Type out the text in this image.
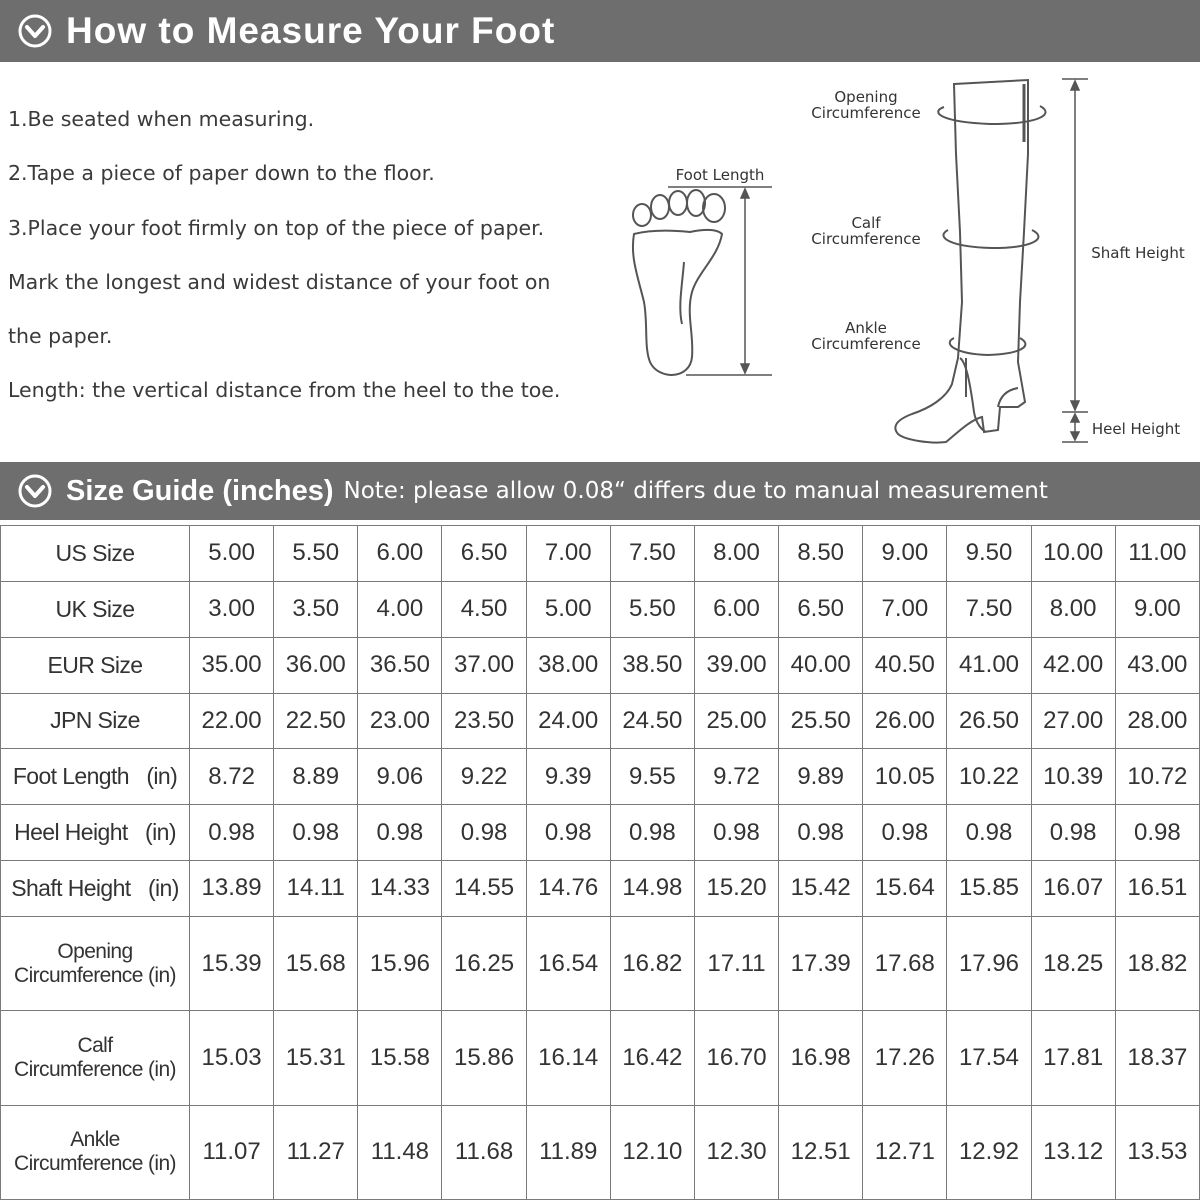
How to Measure Your Foot
1.Be seated when measuring.
2.Tape a piece of paper down to the floor.
3.Place your foot firmly on top of the piece of paper.
Mark the longest and widest distance of your foot on
the paper.
Length: the vertical distance from the heel to the toe.
Foot Length
Opening
Circumference
Calf
Circumference
Ankle
Circumference
Shaft Height
Heel Height
Size Guide (inches) Note: please allow 0.08“ differs due to manual measurement
US Size	5.00	5.50	6.00	6.50	7.00	7.50	8.00	8.50	9.00	9.50	10.00	11.00
UK Size	3.00	3.50	4.00	4.50	5.00	5.50	6.00	6.50	7.00	7.50	8.00	9.00
EUR Size	35.00	36.00	36.50	37.00	38.00	38.50	39.00	40.00	40.50	41.00	42.00	43.00
JPN Size	22.00	22.50	23.00	23.50	24.00	24.50	25.00	25.50	26.00	26.50	27.00	28.00
Foot Length   (in)	8.72	8.89	9.06	9.22	9.39	9.55	9.72	9.89	10.05	10.22	10.39	10.72
Heel Height   (in)	0.98	0.98	0.98	0.98	0.98	0.98	0.98	0.98	0.98	0.98	0.98	0.98
Shaft Height   (in)	13.89	14.11	14.33	14.55	14.76	14.98	15.20	15.42	15.64	15.85	16.07	16.51

Opening
Circumference (in)	15.39	15.68	15.96	16.25	16.54	16.82	17.11	17.39	17.68	17.96	18.25	18.82

Calf
Circumference (in)	15.03	15.31	15.58	15.86	16.14	16.42	16.70	16.98	17.26	17.54	17.81	18.37

Ankle
Circumference (in)	11.07	11.27	11.48	11.68	11.89	12.10	12.30	12.51	12.71	12.92	13.12	13.53
